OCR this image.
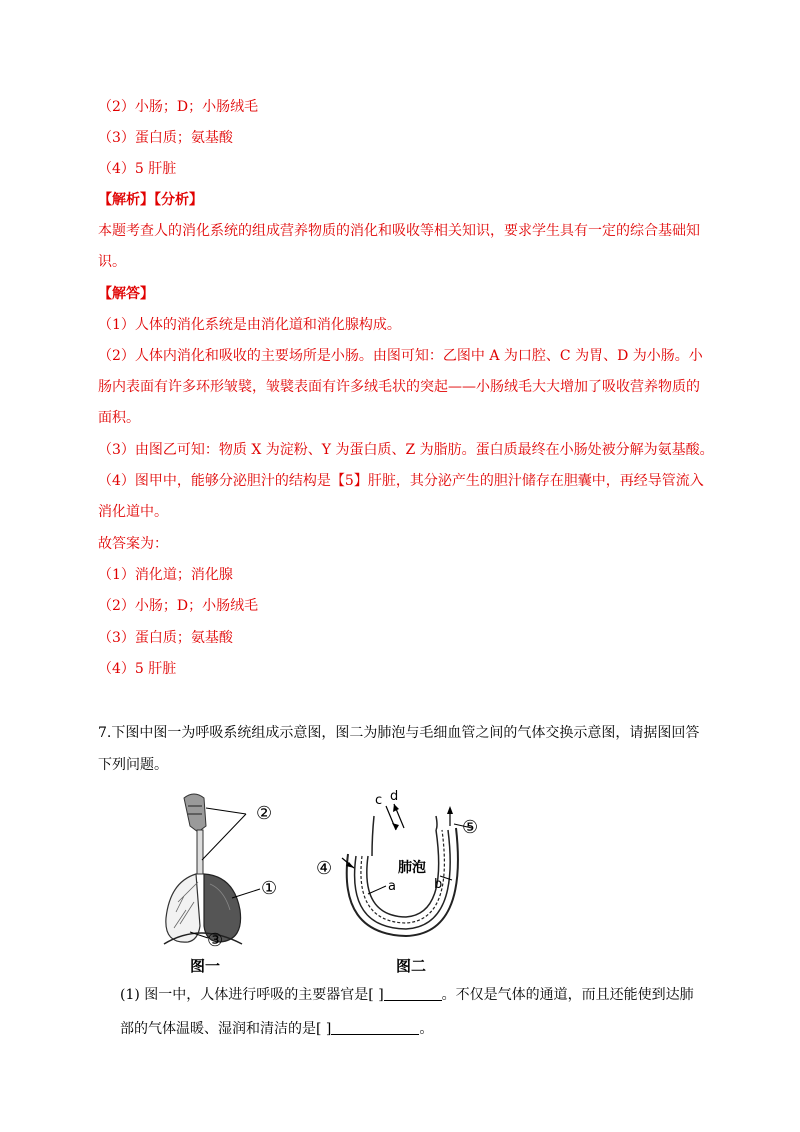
（2）小肠；D；小肠绒毛
（3）蛋白质；氨基酸
（4）5 肝脏
【解析】【分析】
本题考查人的消化系统的组成营养物质的消化和吸收等相关知识，要求学生具有一定的综合基础知
识。
【解答】
（1）人体的消化系统是由消化道和消化腺构成。
（2）人体内消化和吸收的主要场所是小肠。由图可知：乙图中 A 为口腔、C 为胃、D 为小肠。小
肠内表面有许多环形皱襞，皱襞表面有许多绒毛状的突起——小肠绒毛大大增加了吸收营养物质的
面积。
（3）由图乙可知：物质 X 为淀粉、Y 为蛋白质、Z 为脂肪。蛋白质最终在小肠处被分解为氨基酸。
（4）图甲中，能够分泌胆汁的结构是【5】肝脏，其分泌产生的胆汁储存在胆囊中，再经导管流入
消化道中。
故答案为：
（1）消化道；消化腺
（2）小肠；D；小肠绒毛
（3）蛋白质；氨基酸
（4）5 肝脏
7.下图中图一为呼吸系统组成示意图，图二为肺泡与毛细血管之间的气体交换示意图，请据图回答
下列问题。
②
①
③
c d
⑤
④	肺泡
a	b
图一	图二
(1) 图一中，人体进行呼吸的主要器官是[ ]	。不仅是气体的通道，而且还能使到达肺
部的气体温暖、湿润和清洁的是[ ]	。
